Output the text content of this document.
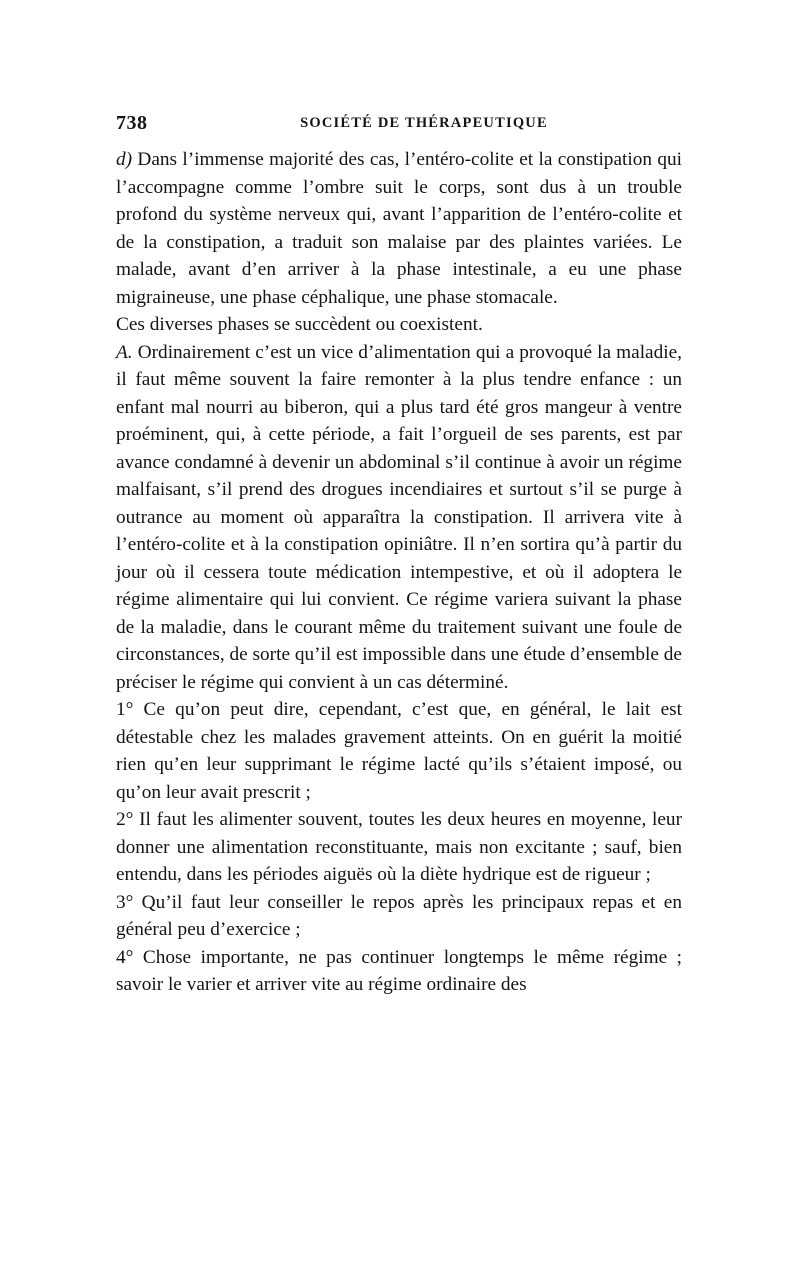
738	SOCIÉTÉ DE THÉRAPEUTIQUE

d) Dans l’immense majorité des cas, l’entéro-colite et la constipation qui l’accompagne comme l’ombre suit le corps, sont dus à un trouble profond du système nerveux qui, avant l’apparition de l’entéro-colite et de la constipation, a traduit son malaise par des plaintes variées. Le malade, avant d’en arriver à la phase intestinale, a eu une phase migraineuse, une phase céphalique, une phase stomacale.

Ces diverses phases se succèdent ou coexistent.

A. Ordinairement c’est un vice d’alimentation qui a provoqué la maladie, il faut même souvent la faire remonter à la plus tendre enfance : un enfant mal nourri au biberon, qui a plus tard été gros mangeur à ventre proéminent, qui, à cette période, a fait l’orgueil de ses parents, est par avance condamné à devenir un abdominal s’il continue à avoir un régime malfaisant, s’il prend des drogues incendiaires et surtout s’il se purge à outrance au moment où apparaîtra la constipation. Il arrivera vite à l’entéro-colite et à la constipation opiniâtre. Il n’en sortira qu’à partir du jour où il cessera toute médication intempestive, et où il adoptera le régime alimentaire qui lui convient. Ce régime variera suivant la phase de la maladie, dans le courant même du traitement suivant une foule de circonstances, de sorte qu’il est impossible dans une étude d’ensemble de préciser le régime qui convient à un cas déterminé.

1° Ce qu’on peut dire, cependant, c’est que, en général, le lait est détestable chez les malades gravement atteints. On en guérit la moitié rien qu’en leur supprimant le régime lacté qu’ils s’étaient imposé, ou qu’on leur avait prescrit ;

2° Il faut les alimenter souvent, toutes les deux heures en moyenne, leur donner une alimentation reconstituante, mais non excitante ; sauf, bien entendu, dans les périodes aiguës où la diète hydrique est de rigueur ;

3° Qu’il faut leur conseiller le repos après les principaux repas et en général peu d’exercice ;

4° Chose importante, ne pas continuer longtemps le même régime ; savoir le varier et arriver vite au régime ordinaire des
